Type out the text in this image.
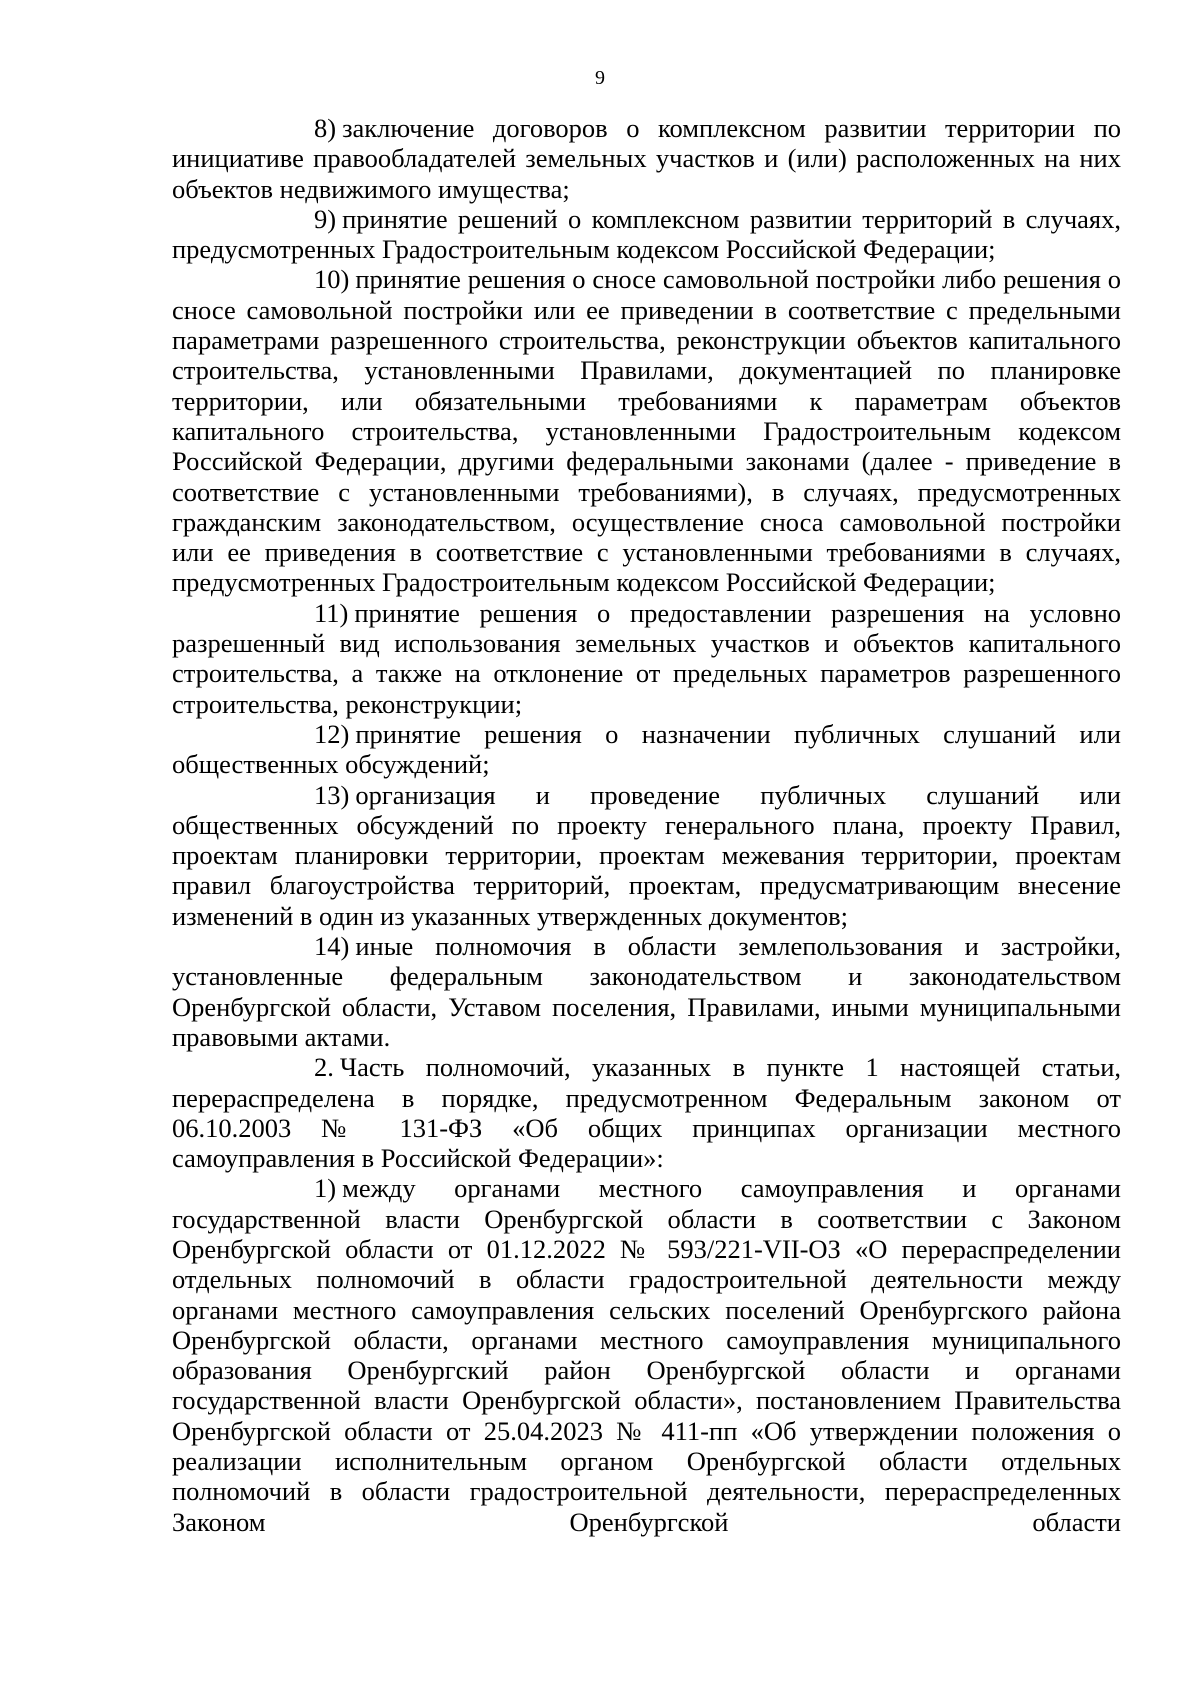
9

8) заключение договоров о комплексном развитии территории по инициативе правообладателей земельных участков и (или) расположенных на них объектов недвижимого имущества;

9) принятие решений о комплексном развитии территорий в случаях, предусмотренных Градостроительным кодексом Российской Федерации;

10) принятие решения о сносе самовольной постройки либо решения о сносе самовольной постройки или ее приведении в соответствие с предельными параметрами разрешенного строительства, реконструкции объектов капитального строительства, установленными Правилами, документацией по планировке территории, или обязательными требованиями к параметрам объектов капитального строительства, установленными Градостроительным кодексом Российской Федерации, другими федеральными законами (далее - приведение в соответствие с установленными требованиями), в случаях, предусмотренных гражданским законодательством, осуществление сноса самовольной постройки или ее приведения в соответствие с установленными требованиями в случаях, предусмотренных Градостроительным кодексом Российской Федерации;

11) принятие решения о предоставлении разрешения на условно разрешенный вид использования земельных участков и объектов капитального строительства, а также на отклонение от предельных параметров разрешенного строительства, реконструкции;

12) принятие решения о назначении публичных слушаний или общественных обсуждений;

13) организация и проведение публичных слушаний или общественных обсуждений по проекту генерального плана, проекту Правил, проектам планировки территории, проектам межевания территории, проектам правил благоустройства территорий, проектам, предусматривающим внесение изменений в один из указанных утвержденных документов;

14) иные полномочия в области землепользования и застройки, установленные федеральным законодательством и законодательством Оренбургской области, Уставом поселения, Правилами, иными муниципальными правовыми актами.

2. Часть полномочий, указанных в пункте 1 настоящей статьи, перераспределена в порядке, предусмотренном Федеральным законом от 06.10.2003 № 131-ФЗ «Об общих принципах организации местного самоуправления в Российской Федерации»:

1) между органами местного самоуправления и органами государственной власти Оренбургской области в соответствии с Законом Оренбургской области от 01.12.2022 № 593/221-VII-ОЗ «О перераспределении отдельных полномочий в области градостроительной деятельности между органами местного самоуправления сельских поселений Оренбургского района Оренбургской области, органами местного самоуправления муниципального образования Оренбургский район Оренбургской области и органами государственной власти Оренбургской области», постановлением Правительства Оренбургской области от 25.04.2023 № 411-пп «Об утверждении положения о реализации исполнительным органом Оренбургской области отдельных полномочий в области градостроительной деятельности, перераспределенных Законом Оренбургской области
